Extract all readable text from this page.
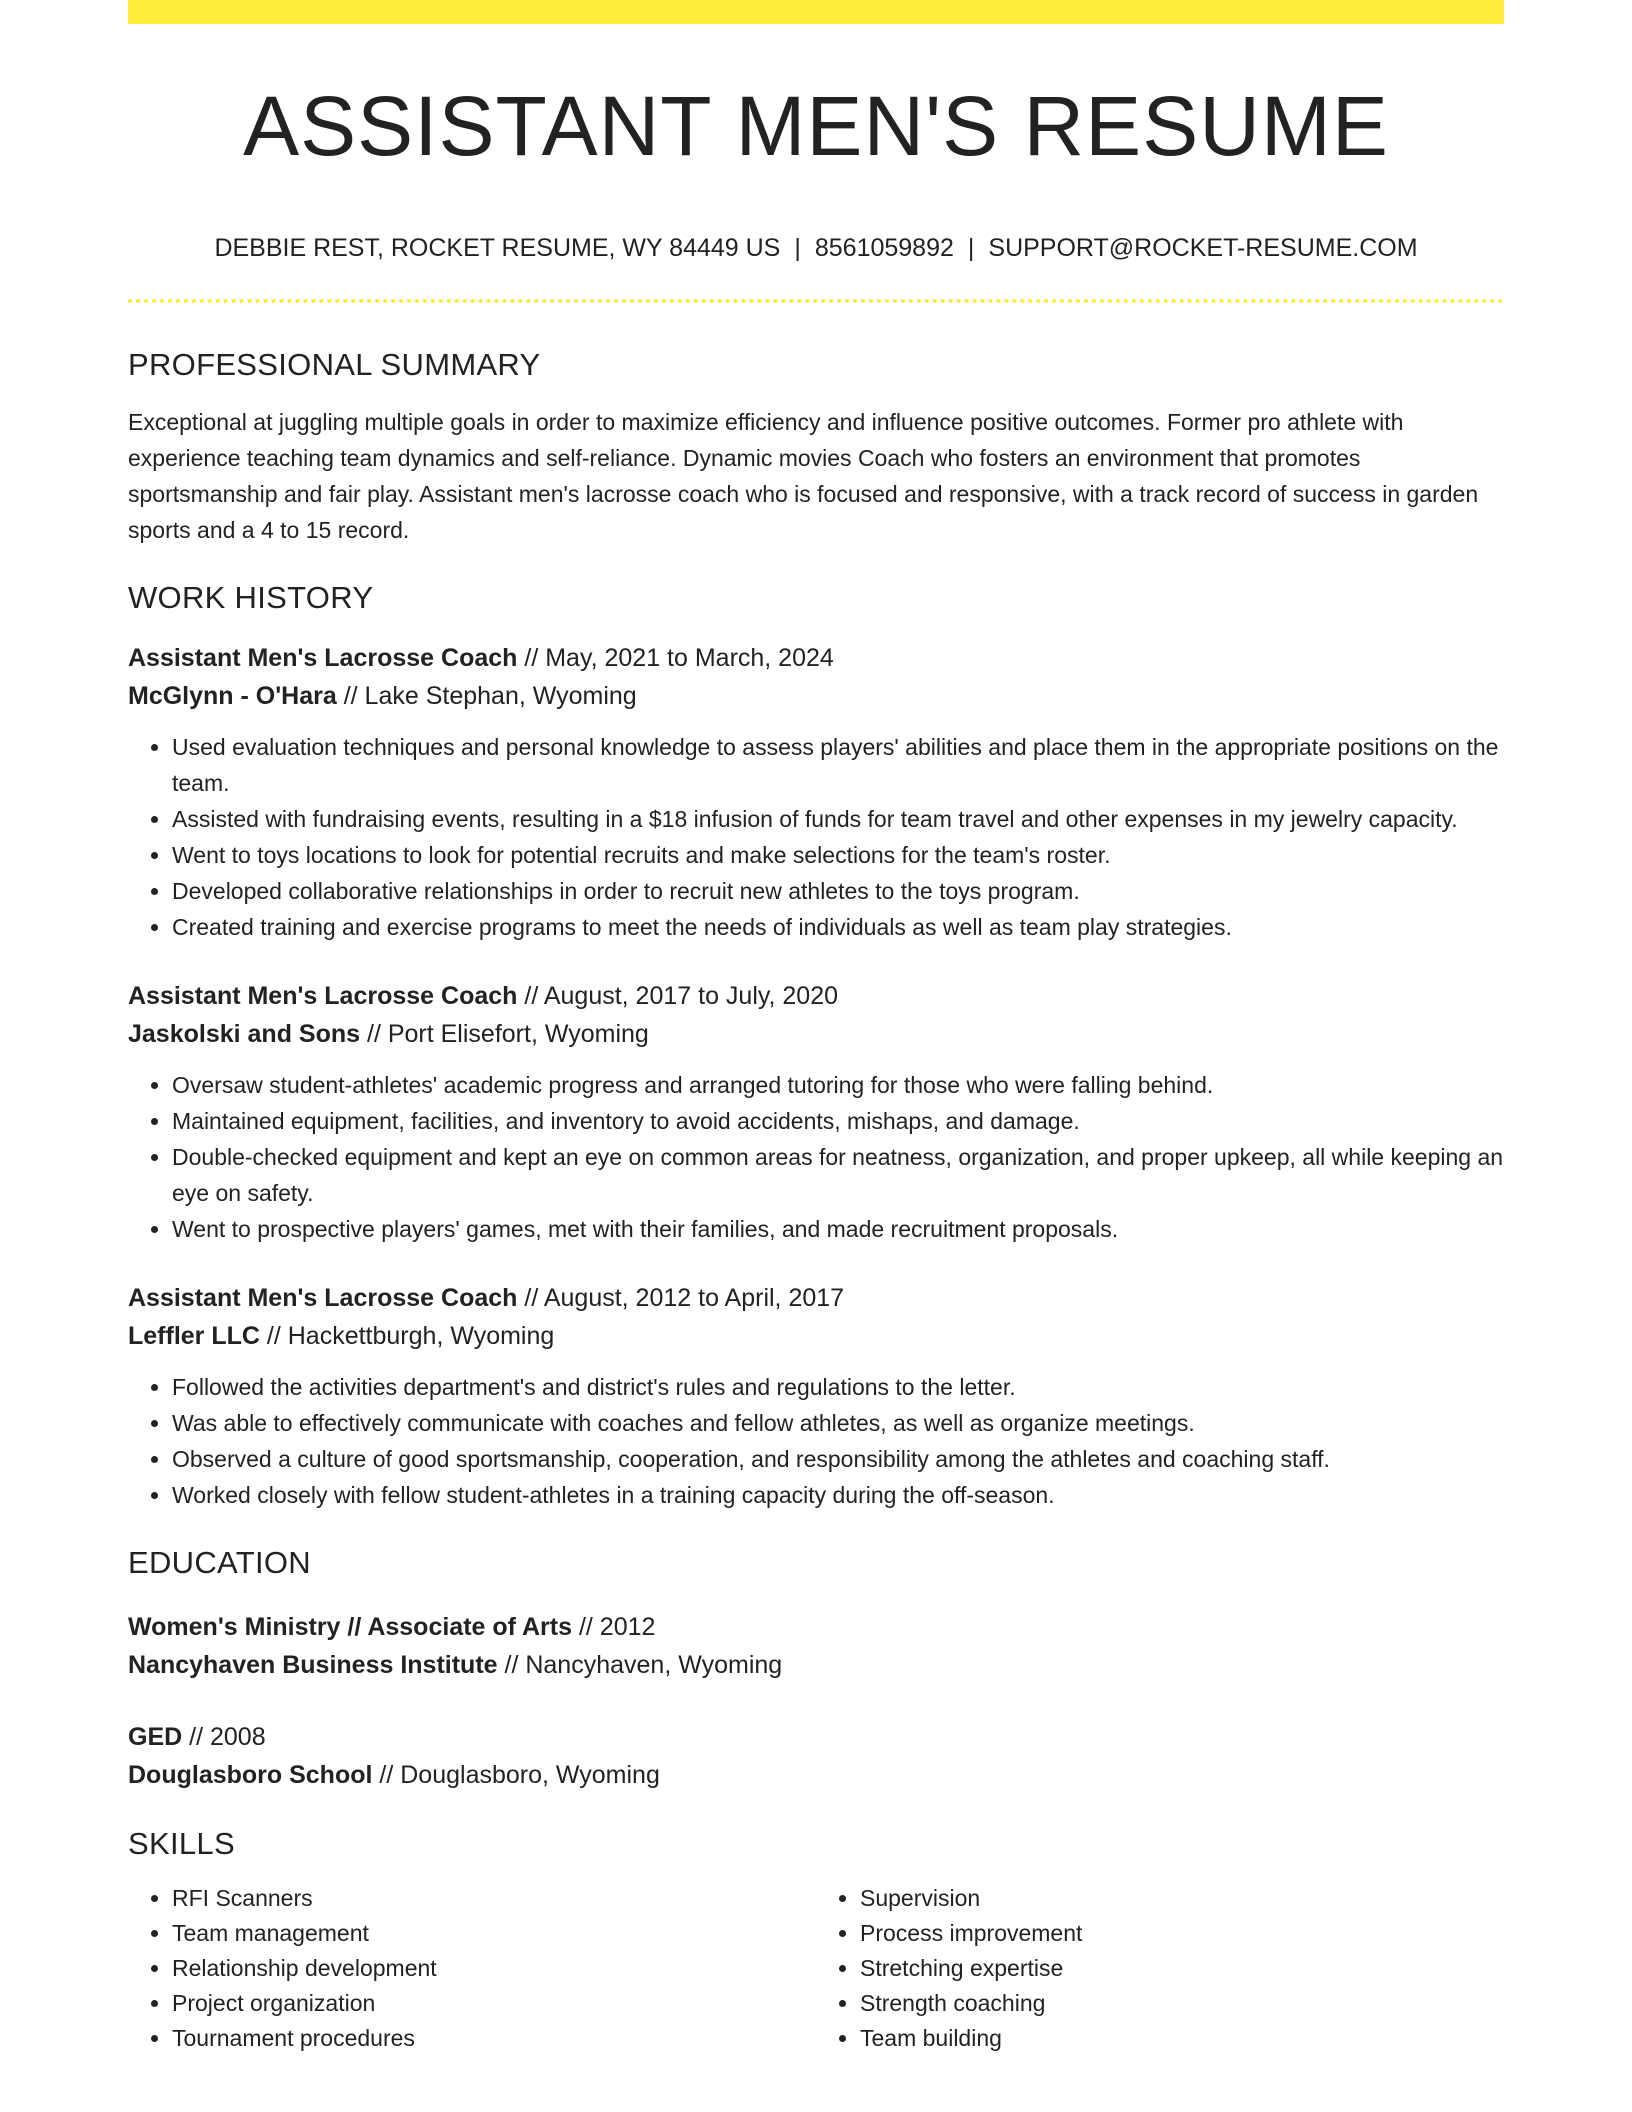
ASSISTANT MEN'S RESUME
DEBBIE REST, ROCKET RESUME, WY 84449 US | 8561059892 | SUPPORT@ROCKET-RESUME.COM
PROFESSIONAL SUMMARY
Exceptional at juggling multiple goals in order to maximize efficiency and influence positive outcomes. Former pro athlete with experience teaching team dynamics and self-reliance. Dynamic movies Coach who fosters an environment that promotes sportsmanship and fair play. Assistant men's lacrosse coach who is focused and responsive, with a track record of success in garden sports and a 4 to 15 record.
WORK HISTORY
Assistant Men's Lacrosse Coach // May, 2021 to March, 2024
McGlynn - O'Hara // Lake Stephan, Wyoming
• Used evaluation techniques and personal knowledge to assess players' abilities and place them in the appropriate positions on the team.
• Assisted with fundraising events, resulting in a $18 infusion of funds for team travel and other expenses in my jewelry capacity.
• Went to toys locations to look for potential recruits and make selections for the team's roster.
• Developed collaborative relationships in order to recruit new athletes to the toys program.
• Created training and exercise programs to meet the needs of individuals as well as team play strategies.
Assistant Men's Lacrosse Coach // August, 2017 to July, 2020
Jaskolski and Sons // Port Elisefort, Wyoming
• Oversaw student-athletes' academic progress and arranged tutoring for those who were falling behind.
• Maintained equipment, facilities, and inventory to avoid accidents, mishaps, and damage.
• Double-checked equipment and kept an eye on common areas for neatness, organization, and proper upkeep, all while keeping an eye on safety.
• Went to prospective players' games, met with their families, and made recruitment proposals.
Assistant Men's Lacrosse Coach // August, 2012 to April, 2017
Leffler LLC // Hackettburgh, Wyoming
• Followed the activities department's and district's rules and regulations to the letter.
• Was able to effectively communicate with coaches and fellow athletes, as well as organize meetings.
• Observed a culture of good sportsmanship, cooperation, and responsibility among the athletes and coaching staff.
• Worked closely with fellow student-athletes in a training capacity during the off-season.
EDUCATION
Women's Ministry // Associate of Arts // 2012
Nancyhaven Business Institute // Nancyhaven, Wyoming
GED // 2008
Douglasboro School // Douglasboro, Wyoming
SKILLS
• RFI Scanners
• Team management
• Relationship development
• Project organization
• Tournament procedures
• Supervision
• Process improvement
• Stretching expertise
• Strength coaching
• Team building
